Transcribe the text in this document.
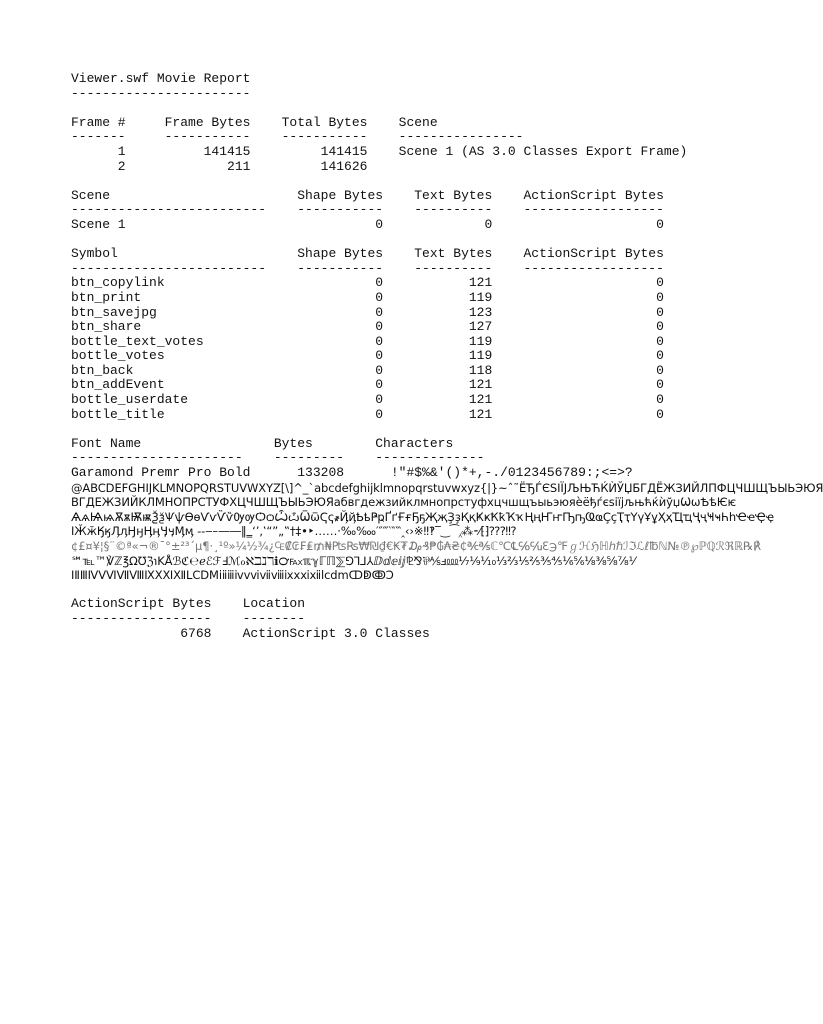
Viewer.swf Movie Report
-----------------------
Frame #     Frame Bytes    Total Bytes    Scene
-------     -----------    -----------    ----------------
1          141415         141415    Scene 1 (AS 3.0 Classes Export Frame)
2             211         141626
Scene                        Shape Bytes    Text Bytes    ActionScript Bytes
-------------------------    -----------    ----------    ------------------
Scene 1                                0             0                     0
Symbol                       Shape Bytes    Text Bytes    ActionScript Bytes
-------------------------    -----------    ----------    ------------------
btn_copylink                           0           121                     0
btn_print                              0           119                     0
btn_savejpg                            0           123                     0
btn_share                              0           127                     0
bottle_text_votes                      0           119                     0
bottle_votes                           0           119                     0
btn_back                               0           118                     0
btn_addEvent                           0           121                     0
bottle_userdate                        0           121                     0
bottle_title                           0           121                     0
Font Name                 Bytes        Characters
----------------------    ---------    --------------
Garamond Premr Pro Bold      133208      !"#$%&'()*+,-./0123456789:;<=>?
@ABCDEFGHIJKLMNOPQRSTUVWXYZ[\]^_`abcdefghijklmnopqrstuvwxyz{|}~ˆ˜ЁЂЃЄЅІЇЈЉЊЋЌЍЎЏБГДЁЖЗИЙЛПФЦЧШЩЪЫЬЭЮЯ
ВГДЕЖЗИЙКЛМНОПРСТУФХЦЧШЩЪЫЬЭЮЯабвгдежзийклмнопрстуфхцчшщъыьэюяѐёђѓєѕіїјљњћќѝўџѠѡѢѣѤѥ
ѦѧѨѩѪѫѬѭѮѯѰѱѲѳѴѵѶѷѸѹѺѻѼѽѾѿҀҁ҂ҊҋҌҍҎҏҐґҒғҔҕҖҗҘҙҚқҜҝҞҟҠҡҢңҤҥҦҧҨҩҪҫҬҭҮүҰұҲҳҴҵҶҷҸҹҺһҼҽҾҿ
ӀӁӂӃӄӅӆӇӈӉӊӋӌӍӎ ‐‑‒–—―‖‗‘’‚‛“”„‟†‡•‣․‥…‧‰‱′″‴‵‶‷‸‹›※‼‽‾‿⁀⁁⁂⁃⁄⁅⁆⁇⁈⁉
¢£¤¥¦§¨©ª«¬®¯°±²³´µ¶·¸¹º»¼½¾¿₠₡₢₣₤₥₦₧₨₩₪₫€₭₮₯₰₱₲₳₴₵℀℁ℂ℃℄℅℆ℇ℈℉ℊℋℌℍℎℏℐℑℒℓ℔ℕ№℗℘ℙℚℛℜℝ℞℟
℠℡™℣ℤ℥Ω℧ℨ℩KÅℬℭ℮ℯℰℱℲℳℴℵℶℷℸℹ℺℻ℼℽℾℿ⅀⅁⅂⅃⅄ⅅⅆⅇⅈⅉ⅊⅋⅌⅍ⅎ⅏⅐⅑⅒⅓⅔⅕⅖⅗⅘⅙⅚⅛⅜⅝⅞⅟
ⅠⅡⅢⅣⅤⅥⅦⅧⅨⅩⅪⅫⅬⅭⅮⅯⅰⅱⅲⅳⅴⅵⅶⅷⅸⅹⅺⅻⅼⅽⅾⅿↀↁↂↃ
ActionScript Bytes    Location
------------------    --------
6768    ActionScript 3.0 Classes
